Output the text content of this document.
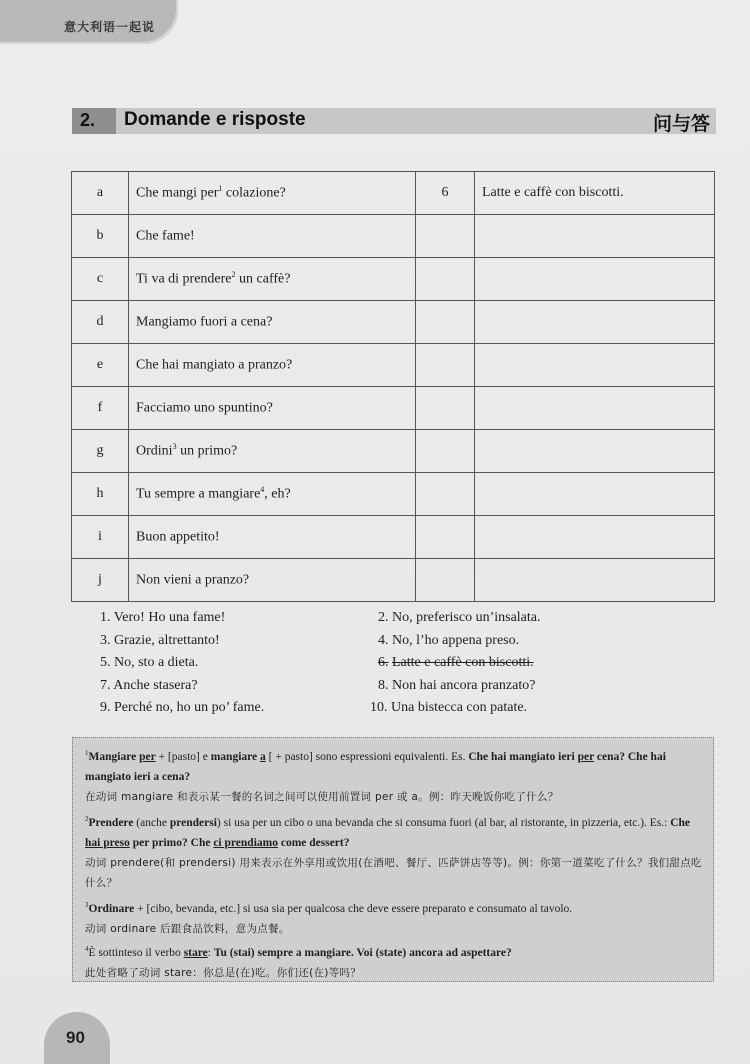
意大利语一起说
2. Domande e risposte	问与答
a	Che mangi per$^1$ colazione?	6	Latte e caffè con biscotti.
b	Che fame!		
c	Ti va di prendere$^2$ un caffè?		
d	Mangiamo fuori a cena?		
e	Che hai mangiato a pranzo?		
f	Facciamo uno spuntino?		
g	Ordini$^3$ un primo?		
h	Tu sempre a mangiare$^4$, eh?		
i	Buon appetito!		
j	Non vieni a pranzo?		
1. Vero! Ho una fame!	2. No, preferisco un’insalata.
3. Grazie, altrettanto!	4. No, l’ho appena preso.
5. No, sto a dieta.	6. Latte e caffè con biscotti.
7. Anche stasera?	8. Non hai ancora pranzato?
9. Perché no, ho un po’ fame.	10. Una bistecca con patate.

$^1$Mangiare per + [pasto] e mangiare a [ + pasto] sono espressioni equivalenti. Es. Che hai mangiato ieri per cena? Che hai mangiato ieri a cena?

在动词 mangiare 和表示某一餐的名词之间可以使用前置词 per 或 a。例：昨天晚饭你吃了什么？

$^2$Prendere (anche prendersi) si usa per un cibo o una bevanda che si consuma fuori (al bar, al ristorante, in pizzeria, etc.). Es.: Che hai preso per primo? Che ci prendiamo come dessert?

动词 prendere(和 prendersi) 用来表示在外享用或饮用(在酒吧、餐厅、匹萨饼店等等)。例：你第一道菜吃了什么？我们甜点吃什么？

$^3$Ordinare + [cibo, bevanda, etc.] si usa sia per qualcosa che deve essere preparato e consumato al tavolo.

动词 ordinare 后跟食品饮料，意为点餐。

$^4$È sottinteso il verbo stare: Tu (stai) sempre a mangiare. Voi (state) ancora ad aspettare?

此处省略了动词 stare：你总是(在)吃。你们还(在)等吗？

90
